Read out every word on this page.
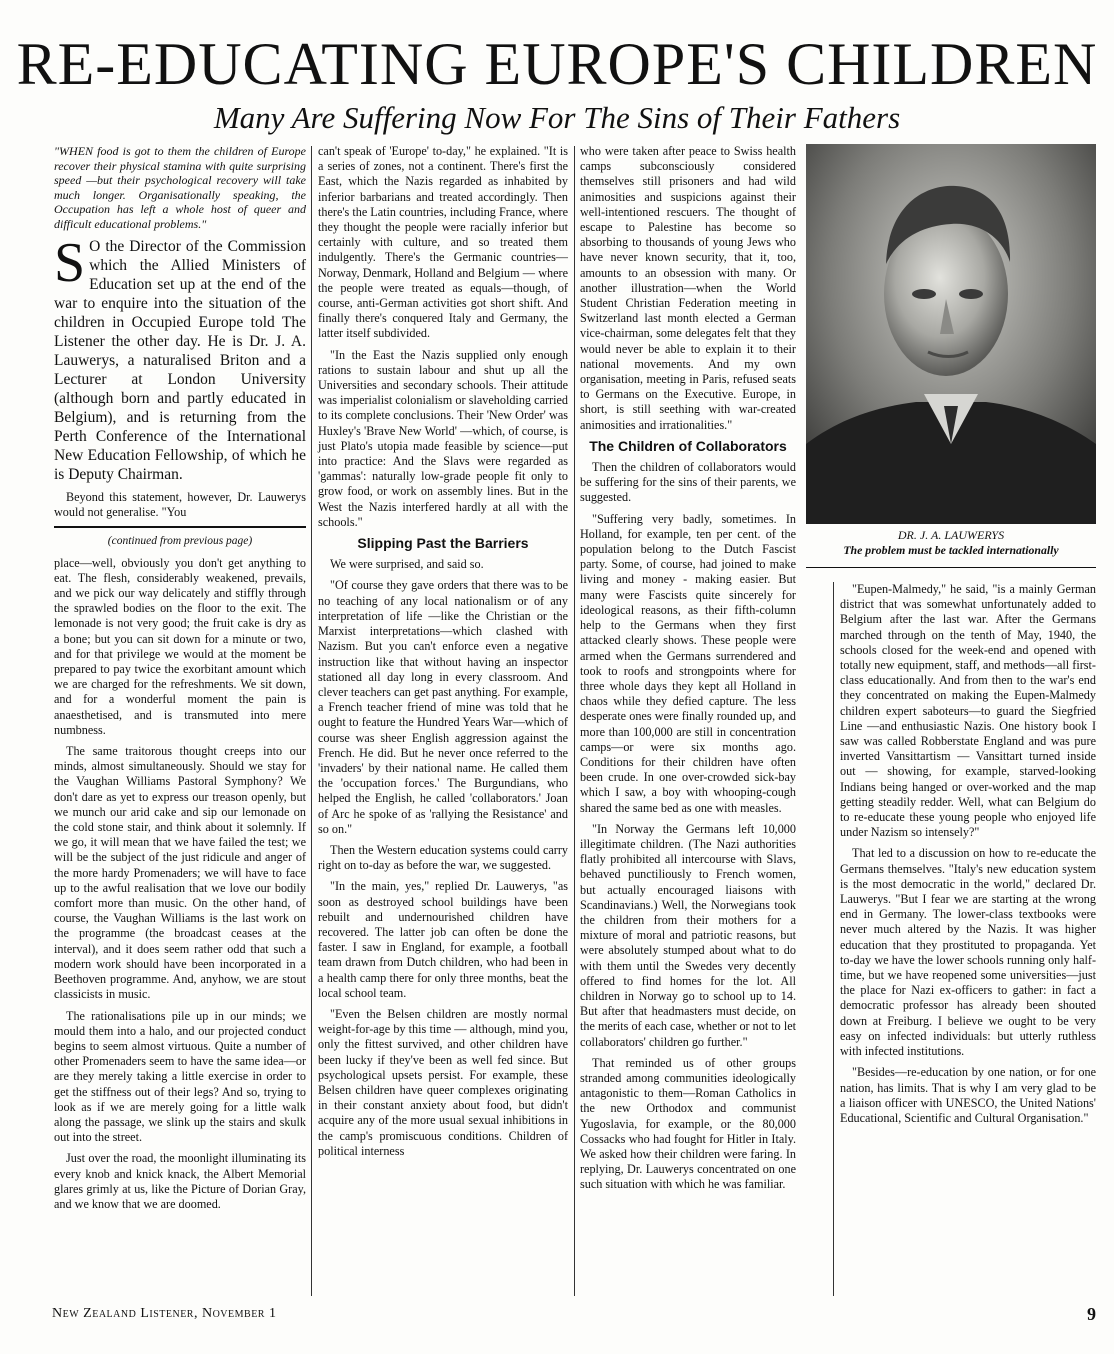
RE-EDUCATING EUROPE'S CHILDREN
Many Are Suffering Now For The Sins of Their Fathers

"WHEN food is got to them the children of Europe recover their physical stamina with quite surprising speed —but their psychological recovery will take much longer. Organisationally speaking, the Occupation has left a whole host of queer and difficult educational problems."

S O the Director of the Commission which the Allied Ministers of Education set up at the end of the war to enquire into the situation of the children in Occupied Europe told The Listener the other day. He is Dr. J. A. Lauwerys, a naturalised Briton and a Lecturer at London University (although born and partly educated in Belgium), and is returning from the Perth Conference of the International New Education Fellowship, of which he is Deputy Chairman.

Beyond this statement, however, Dr. Lauwerys would not generalise. "You

(continued from previous page)

place—well, obviously you don't get anything to eat. The flesh, considerably weakened, prevails, and we pick our way delicately and stiffly through the sprawled bodies on the floor to the exit. The lemonade is not very good; the fruit cake is dry as a bone; but you can sit down for a minute or two, and for that privilege we would at the moment be prepared to pay twice the exorbitant amount which we are charged for the refreshments. We sit down, and for a wonderful moment the pain is anaesthetised, and is transmuted into mere numbness.

The same traitorous thought creeps into our minds, almost simultaneously. Should we stay for the Vaughan Williams Pastoral Symphony? We don't dare as yet to express our treason openly, but we munch our arid cake and sip our lemonade on the cold stone stair, and think about it solemnly. If we go, it will mean that we have failed the test; we will be the subject of the just ridicule and anger of the more hardy Promenaders; we will have to face up to the awful realisation that we love our bodily comfort more than music. On the other hand, of course, the Vaughan Williams is the last work on the programme (the broadcast ceases at the interval), and it does seem rather odd that such a modern work should have been incorporated in a Beethoven programme. And, anyhow, we are stout classicists in music.

The rationalisations pile up in our minds; we mould them into a halo, and our projected conduct begins to seem almost virtuous. Quite a number of other Promenaders seem to have the same idea—or are they merely taking a little exercise in order to get the stiffness out of their legs? And so, trying to look as if we are merely going for a little walk along the passage, we slink up the stairs and skulk out into the street.

Just over the road, the moonlight illuminating its every knob and knick knack, the Albert Memorial glares grimly at us, like the Picture of Dorian Gray, and we know that we are doomed.

can't speak of 'Europe' to-day," he explained. "It is a series of zones, not a continent. There's first the East, which the Nazis regarded as inhabited by inferior barbarians and treated accordingly. Then there's the Latin countries, including France, where they thought the people were racially inferior but certainly with culture, and so treated them indulgently. There's the Germanic countries—Norway, Denmark, Holland and Belgium — where the people were treated as equals—though, of course, anti-German activities got short shift. And finally there's conquered Italy and Germany, the latter itself subdivided.

"In the East the Nazis supplied only enough rations to sustain labour and shut up all the Universities and secondary schools. Their attitude was imperialist colonialism or slaveholding carried to its complete conclusions. Their 'New Order' was Huxley's 'Brave New World' —which, of course, is just Plato's utopia made feasible by science—put into practice: And the Slavs were regarded as 'gammas': naturally low-grade people fit only to grow food, or work on assembly lines. But in the West the Nazis interfered hardly at all with the schools."

Slipping Past the Barriers

We were surprised, and said so.

"Of course they gave orders that there was to be no teaching of any local nationalism or of any interpretation of life —like the Christian or the Marxist interpretations—which clashed with Nazism. But you can't enforce even a negative instruction like that without having an inspector stationed all day long in every classroom. And clever teachers can get past anything. For example, a French teacher friend of mine was told that he ought to feature the Hundred Years War—which of course was sheer English aggression against the French. He did. But he never once referred to the 'invaders' by their national name. He called them the 'occupation forces.' The Burgundians, who helped the English, he called 'collaborators.' Joan of Arc he spoke of as 'rallying the Resistance' and so on."

Then the Western education systems could carry right on to-day as before the war, we suggested.

"In the main, yes," replied Dr. Lauwerys, "as soon as destroyed school buildings have been rebuilt and undernourished children have recovered. The latter job can often be done the faster. I saw in England, for example, a football team drawn from Dutch children, who had been in a health camp there for only three months, beat the local school team.

"Even the Belsen children are mostly normal weight-for-age by this time — although, mind you, only the fittest survived, and other children have been lucky if they've been as well fed since. But psychological upsets persist. For example, these Belsen children have queer complexes originating in their constant anxiety about food, but didn't acquire any of the more usual sexual inhibitions in the camp's promiscuous conditions. Children of political interness

who were taken after peace to Swiss health camps subconsciously considered themselves still prisoners and had wild animosities and suspicions against their well-intentioned rescuers. The thought of escape to Palestine has become so absorbing to thousands of young Jews who have never known security, that it, too, amounts to an obsession with many. Or another illustration—when the World Student Christian Federation meeting in Switzerland last month elected a German vice-chairman, some delegates felt that they would never be able to explain it to their national movements. And my own organisation, meeting in Paris, refused seats to Germans on the Executive. Europe, in short, is still seething with war-created animosities and irrationalities."

The Children of Collaborators

Then the children of collaborators would be suffering for the sins of their parents, we suggested.

"Suffering very badly, sometimes. In Holland, for example, ten per cent. of the population belong to the Dutch Fascist party. Some, of course, had joined to make living and money - making easier. But many were Fascists quite sincerely for ideological reasons, as their fifth-column help to the Germans when they first attacked clearly shows. These people were armed when the Germans surrendered and took to roofs and strongpoints where for three whole days they kept all Holland in chaos while they defied capture. The less desperate ones were finally rounded up, and more than 100,000 are still in concentration camps—or were six months ago. Conditions for their children have often been crude. In one over-crowded sick-bay which I saw, a boy with whooping-cough shared the same bed as one with measles.

"In Norway the Germans left 10,000 illegitimate children. (The Nazi authorities flatly prohibited all intercourse with Slavs, behaved punctiliously to French women, but actually encouraged liaisons with Scandinavians.) Well, the Norwegians took the children from their mothers for a mixture of moral and patriotic reasons, but were absolutely stumped about what to do with them until the Swedes very decently offered to find homes for the lot. All children in Norway go to school up to 14. But after that headmasters must decide, on the merits of each case, whether or not to let collaborators' children go further."

That reminded us of other groups stranded among communities ideologically antagonistic to them—Roman Catholics in the new Orthodox and communist Yugoslavia, for example, or the 80,000 Cossacks who had fought for Hitler in Italy. We asked how their children were faring. In replying, Dr. Lauwerys concentrated on one such situation with which he was familiar.

DR. J. A. LAUWERYS
The problem must be tackled internationally

"Eupen-Malmedy," he said, "is a mainly German district that was somewhat unfortunately added to Belgium after the last war. After the Germans marched through on the tenth of May, 1940, the schools closed for the week-end and opened with totally new equipment, staff, and methods—all first-class educationally. And from then to the war's end they concentrated on making the Eupen-Malmedy children expert saboteurs—to guard the Siegfried Line —and enthusiastic Nazis. One history book I saw was called Robberstate England and was pure inverted Vansittartism — Vansittart turned inside out — showing, for example, starved-looking Indians being hanged or over-worked and the map getting steadily redder. Well, what can Belgium do to re-educate these young people who enjoyed life under Nazism so intensely?"

That led to a discussion on how to re-educate the Germans themselves. "Italy's new education system is the most democratic in the world," declared Dr. Lauwerys. "But I fear we are starting at the wrong end in Germany. The lower-class textbooks were never much altered by the Nazis. It was higher education that they prostituted to propaganda. Yet to-day we have the lower schools running only half-time, but we have reopened some universities—just the place for Nazi ex-officers to gather: in fact a democratic professor has already been shouted down at Freiburg. I believe we ought to be very easy on infected individuals: but utterly ruthless with infected institutions.

"Besides—re-education by one nation, or for one nation, has limits. That is why I am very glad to be a liaison officer with UNESCO, the United Nations' Educational, Scientific and Cultural Organisation."

New Zealand Listener, November 1	9
